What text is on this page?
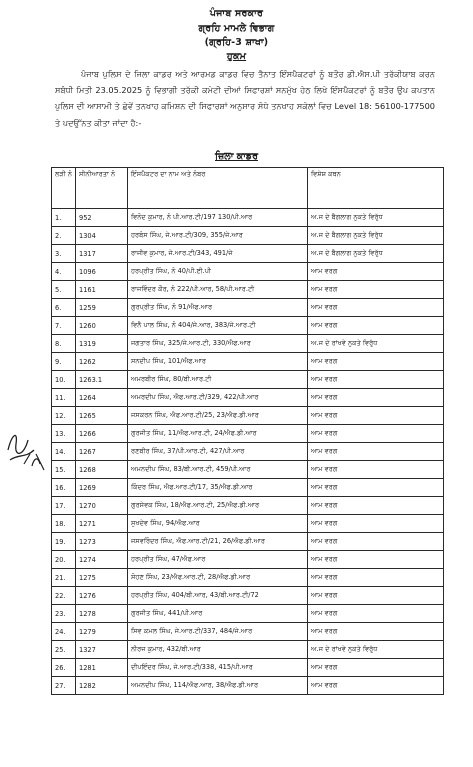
ਪੰਜਾਬ ਸਰਕਾਰ
ਗ੍ਰਹਿ ਮਾਮਲੇ ਵਿਭਾਗ
(ਗ੍ਰਹਿ-3 ਸ਼ਾਖਾ)
ਹੁਕਮ
ਪੰਜਾਬ ਪੁਲਿਸ ਦੇ ਜਿਲਾ ਕਾਡਰ ਅਤੇ ਆਰਮਡ ਕਾਡਰ ਵਿਚ ਤੈਨਾਤ ਇੰਸਪੈਕਟਰਾਂ ਨੂੰ ਬਤੌਰ ਡੀ.ਐਸ.ਪੀ ਤਰੱਕੀਯਾਬ ਕਰਨ ਸਬੰਧੀ ਮਿਤੀ 23.05.2025 ਨੂੰ ਵਿਭਾਗੀ ਤਰੱਕੀ ਕਮੇਟੀ ਦੀਆਂ ਸਿਫਾਰਸ਼ਾਂ ਸਨਮੁੱਖ ਹੇਠ ਲਿਖੇ ਇੰਸਪੈਕਟਰਾਂ ਨੂੰ ਬਤੌਰ ਉਪ ਕਪਤਾਨ ਪੁਲਿਸ ਦੀ ਆਸਾਮੀ ਤੇ ਛੇਵੇਂ ਤਨਖਾਹ ਕਮਿਸ਼ਨ ਦੀ ਸਿਫਾਰਸ਼ਾਂ ਅਨੁਸਾਰ ਸੋਧੇ ਤਨਖਾਹ ਸਕੇਲਾਂ ਵਿਚ Level 18: 56100-177500 ਤੇ ਪਦਉੱਨਤ ਕੀਤਾ ਜਾਂਦਾ ਹੈ:-
ਜ਼ਿਲਾ ਕਾਡਰ
ਲੜੀ ਨੰ	ਸੀਨੀਆਰਤਾ ਨੰ	ਇੰਸਪੈਕਟਰ ਦਾ ਨਾਮ ਅਤੇ ਨੰਬਰ	ਵਿਸ਼ੇਸ਼ ਕਥਨ
1.	952	ਵਿਨੋਦ ਕੁਮਾਰ, ਨੰ ਪੀ.ਆਰ.ਟੀ/197 130/ਪੀ.ਆਰ	ਅ.ਜ ਦੇ ਬੈਗਲਾਗ ਨੁਕਤੇ ਵਿਰੁੱਧ
2.	1304	ਹਰਬੰਸ ਸਿੰਘ, ਜੇ.ਆਰ.ਟੀ/309, 355/ਜੇ.ਆਰ	ਅ.ਜ ਦੇ ਬੈਗਲਾਗ ਨੁਕਤੇ ਵਿਰੁੱਧ
3.	1317	ਰਾਜੀਵ ਕੁਮਾਰ, ਜੇ.ਆਰ.ਟੀ/343, 491/ਜੇ	ਅ.ਜ ਦੇ ਬੈਗਲਾਗ ਨੁਕਤੇ ਵਿਰੁੱਧ
4.	1096	ਹਰਪ੍ਰੀਤ ਸਿੰਘ, ਨੰ 40/ਪੀ.ਈ.ਪੀ	ਆਮ ਵਰਗ
5.	1161	ਰਾਜਵਿੰਦਰ ਕੌਰ, ਨੰ 222/ਪੀ.ਆਰ, 58/ਪੀ.ਆਰ.ਟੀ	ਆਮ ਵਰਗ
6.	1259	ਗੁਰਪ੍ਰੀਤ ਸਿੰਘ, ਨੰ 91/ਐਫ.ਆਰ	ਆਮ ਵਰਗ
7.	1260	ਵਿਨੈ ਪਾਲ ਸਿੰਘ, ਨੰ 404/ਜੇ.ਆਰ, 383/ਜੇ.ਆਰ.ਟੀ	ਆਮ ਵਰਗ
8.	1319	ਜਗਤਾਰ ਸਿੰਘ, 325/ਜੇ.ਆਰ.ਟੀ, 330/ਐਫ.ਆਰ	ਅ.ਜ ਦੇ ਰਾਂਖਵੇ ਨੁਕਤੇ ਵਿਰੁੱਧ
9.	1262	ਸਨਦੀਪ ਸਿੰਘ, 101/ਐਫ.ਆਰ	ਆਮ ਵਰਗ
10.	1263.1	ਅਮਰਬੀਰ ਸਿੰਘ, 80/ਬੀ.ਆਰ.ਟੀ	ਆਮ ਵਰਗ
11.	1264	ਅਮਰਦੀਪ ਸਿੰਘ, ਐਫ.ਆਰ.ਟੀ/329, 422/ਪੀ.ਆਰ	ਆਮ ਵਰਗ
12.	1265	ਜਸਕਰਨ ਸਿੰਘ, ਐਫ.ਆਰ.ਟੀ/25, 23/ਐਫ.ਡੀ.ਆਰ	ਆਮ ਵਰਗ
13.	1266	ਗੁਰਜੀਤ ਸਿੰਘ, 11/ਐਫ.ਆਰ.ਟੀ, 24/ਐਫ.ਡੀ.ਆਰ	ਆਮ ਵਰਗ
14.	1267	ਰਣਬੀਰ ਸਿੰਘ, 37/ਪੀ.ਆਰ.ਟੀ, 427/ਪੀ.ਆਰ	ਆਮ ਵਰਗ
15.	1268	ਅਮਨਦੀਪ ਸਿੰਘ, 83/ਬੀ.ਆਰ.ਟੀ, 459/ਪੀ.ਆਰ	ਆਮ ਵਰਗ
16.	1269	ਕਿੰਦਰ ਸਿੰਘ, ਐਫ.ਆਰ.ਟੀ/17, 35/ਐਫ.ਡੀ.ਆਰ	ਆਮ ਵਰਗ
17.	1270	ਗੁਰਸੇਵਕ ਸਿੰਘ, 18/ਐਫ.ਆਰ.ਟੀ, 25/ਐਫ.ਡੀ.ਆਰ	ਆਮ ਵਰਗ
18.	1271	ਸੁਖਦੇਵ ਸਿੰਘ, 94/ਐਫ.ਆਰ	ਆਮ ਵਰਗ
19.	1273	ਜਸਵਰਿੰਦਰ ਸਿੰਘ, ਐਫ.ਆਰ.ਟੀ/21, 26/ਐਫ.ਡੀ.ਆਰ	ਆਮ ਵਰਗ
20.	1274	ਹਰਪ੍ਰੀਤ ਸਿੰਘ, 47/ਐਫ.ਆਰ	ਆਮ ਵਰਗ
21.	1275	ਸੋਹਣ ਸਿੰਘ, 23/ਐਫ.ਆਰ.ਟੀ, 28/ਐਫ.ਡੀ.ਆਰ	ਆਮ ਵਰਗ
22.	1276	ਹਰਪ੍ਰੀਤ ਸਿੰਘ, 404/ਬੀ.ਆਰ, 43/ਬੀ.ਆਰ.ਟੀ/72	ਆਮ ਵਰਗ
23.	1278	ਗੁਰਜੀਤ ਸਿੰਘ, 441/ਪੀ.ਆਰ	ਆਮ ਵਰਗ
24.	1279	ਸਿਵ ਕਮਲ ਸਿੰਘ, ਜੇ.ਆਰ.ਟੀ/337, 484/ਜੇ.ਆਰ	ਆਮ ਵਰਗ
25.	1327	ਨੀਰਜ ਕੁਮਾਰ, 432/ਬੀ.ਆਰ	ਅ.ਜ ਦੇ ਰਾਂਖਵੇ ਨੁਕਤੇ ਵਿਰੁੱਧ
26.	1281	ਦੀਪਇੰਦਰ ਸਿੰਘ, ਜੇ.ਆਰ.ਟੀ/338, 415/ਪੀ.ਆਰ	ਆਮ ਵਰਗ
27.	1282	ਅਮਨਦੀਪ ਸਿੰਘ, 114/ਐਫ.ਆਰ, 38/ਐਫ.ਡੀ.ਆਰ	ਆਮ ਵਰਗ
